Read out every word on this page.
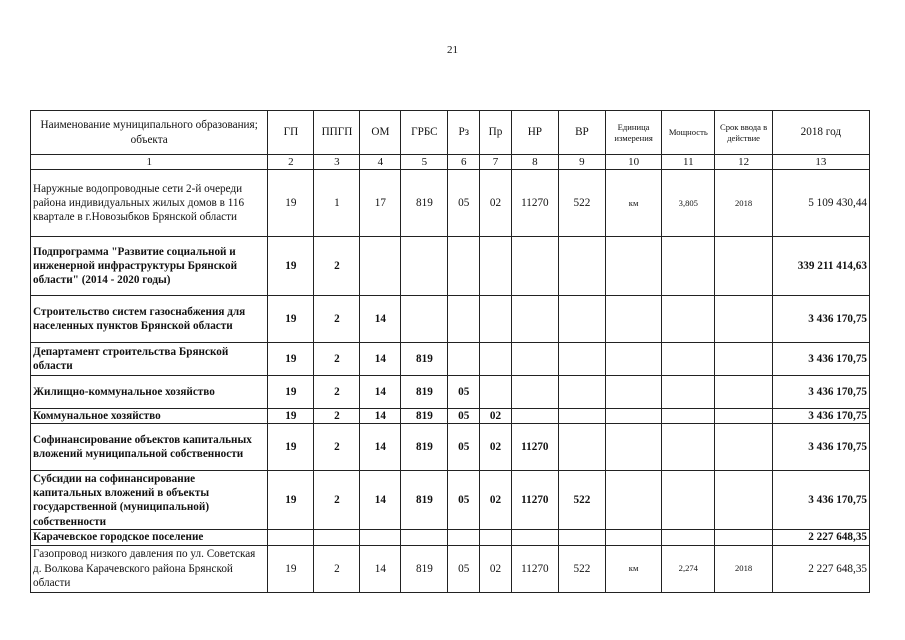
21
Наименование муниципального образования; объекта	ГП	ППГП	ОМ	ГРБС	Рз	Пр	НР	ВР	Единица измерения	Мощность	Срок ввода в действие	2018 год
1	2	3	4	5	6	7	8	9	10	11	12	13
Наружные водопроводные сети 2-й очереди района индивидуальных жилых домов в 116 квартале в г.Новозыбков Брянской области	19	1	17	819	05	02	11270	522	км	3,805	2018	5 109 430,44
Подпрограмма "Развитие социальной и инженерной инфраструктуры Брянской области" (2014 - 2020 годы)	19	2										339 211 414,63
Строительство систем газоснабжения для населенных пунктов Брянской области	19	2	14									3 436 170,75
Департамент строительства Брянской области	19	2	14	819								3 436 170,75
Жилищно-коммунальное хозяйство	19	2	14	819	05							3 436 170,75
Коммунальное хозяйство	19	2	14	819	05	02						3 436 170,75
Софинансирование объектов капитальных вложений муниципальной собственности	19	2	14	819	05	02	11270					3 436 170,75
Субсидии на софинансирование капитальных вложений в объекты государственной (муниципальной) собственности	19	2	14	819	05	02	11270	522				3 436 170,75
Карачевское городское поселение												2 227 648,35
Газопровод низкого давления по ул. Советская д. Волкова Карачевского района Брянской области	19	2	14	819	05	02	11270	522	км	2,274	2018	2 227 648,35
